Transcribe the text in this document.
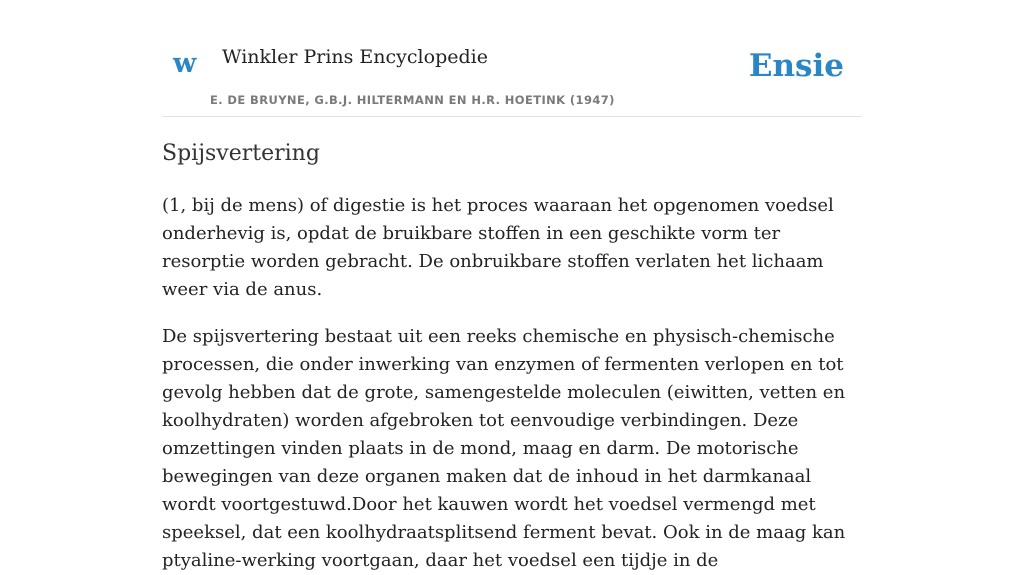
w Winkler Prins Encyclopedie
E. DE BRUYNE, G.B.J. HILTERMANN EN H.R. HOETINK (1947)
Ensie
Spijsvertering

(1, bij de mens) of digestie is het proces waaraan het opgenomen voedsel onderhevig is, opdat de bruikbare stoffen in een geschikte vorm ter resorptie worden gebracht. De onbruikbare stoffen verlaten het lichaam weer via de anus.

De spijsvertering bestaat uit een reeks chemische en physisch-chemische processen, die onder inwerking van enzymen of fermenten verlopen en tot gevolg hebben dat de grote, samengestelde moleculen (eiwitten, vetten en koolhydraten) worden afgebroken tot eenvoudige verbindingen. Deze omzettingen vinden plaats in de mond, maag en darm. De motorische bewegingen van deze organen maken dat de inhoud in het darmkanaal wordt voortgestuwd.Door het kauwen wordt het voedsel vermengd met speeksel, dat een koolhydraatsplitsend ferment bevat. Ook in de maag kan ptyaline-werking voortgaan, daar het voedsel een tijdje in de
